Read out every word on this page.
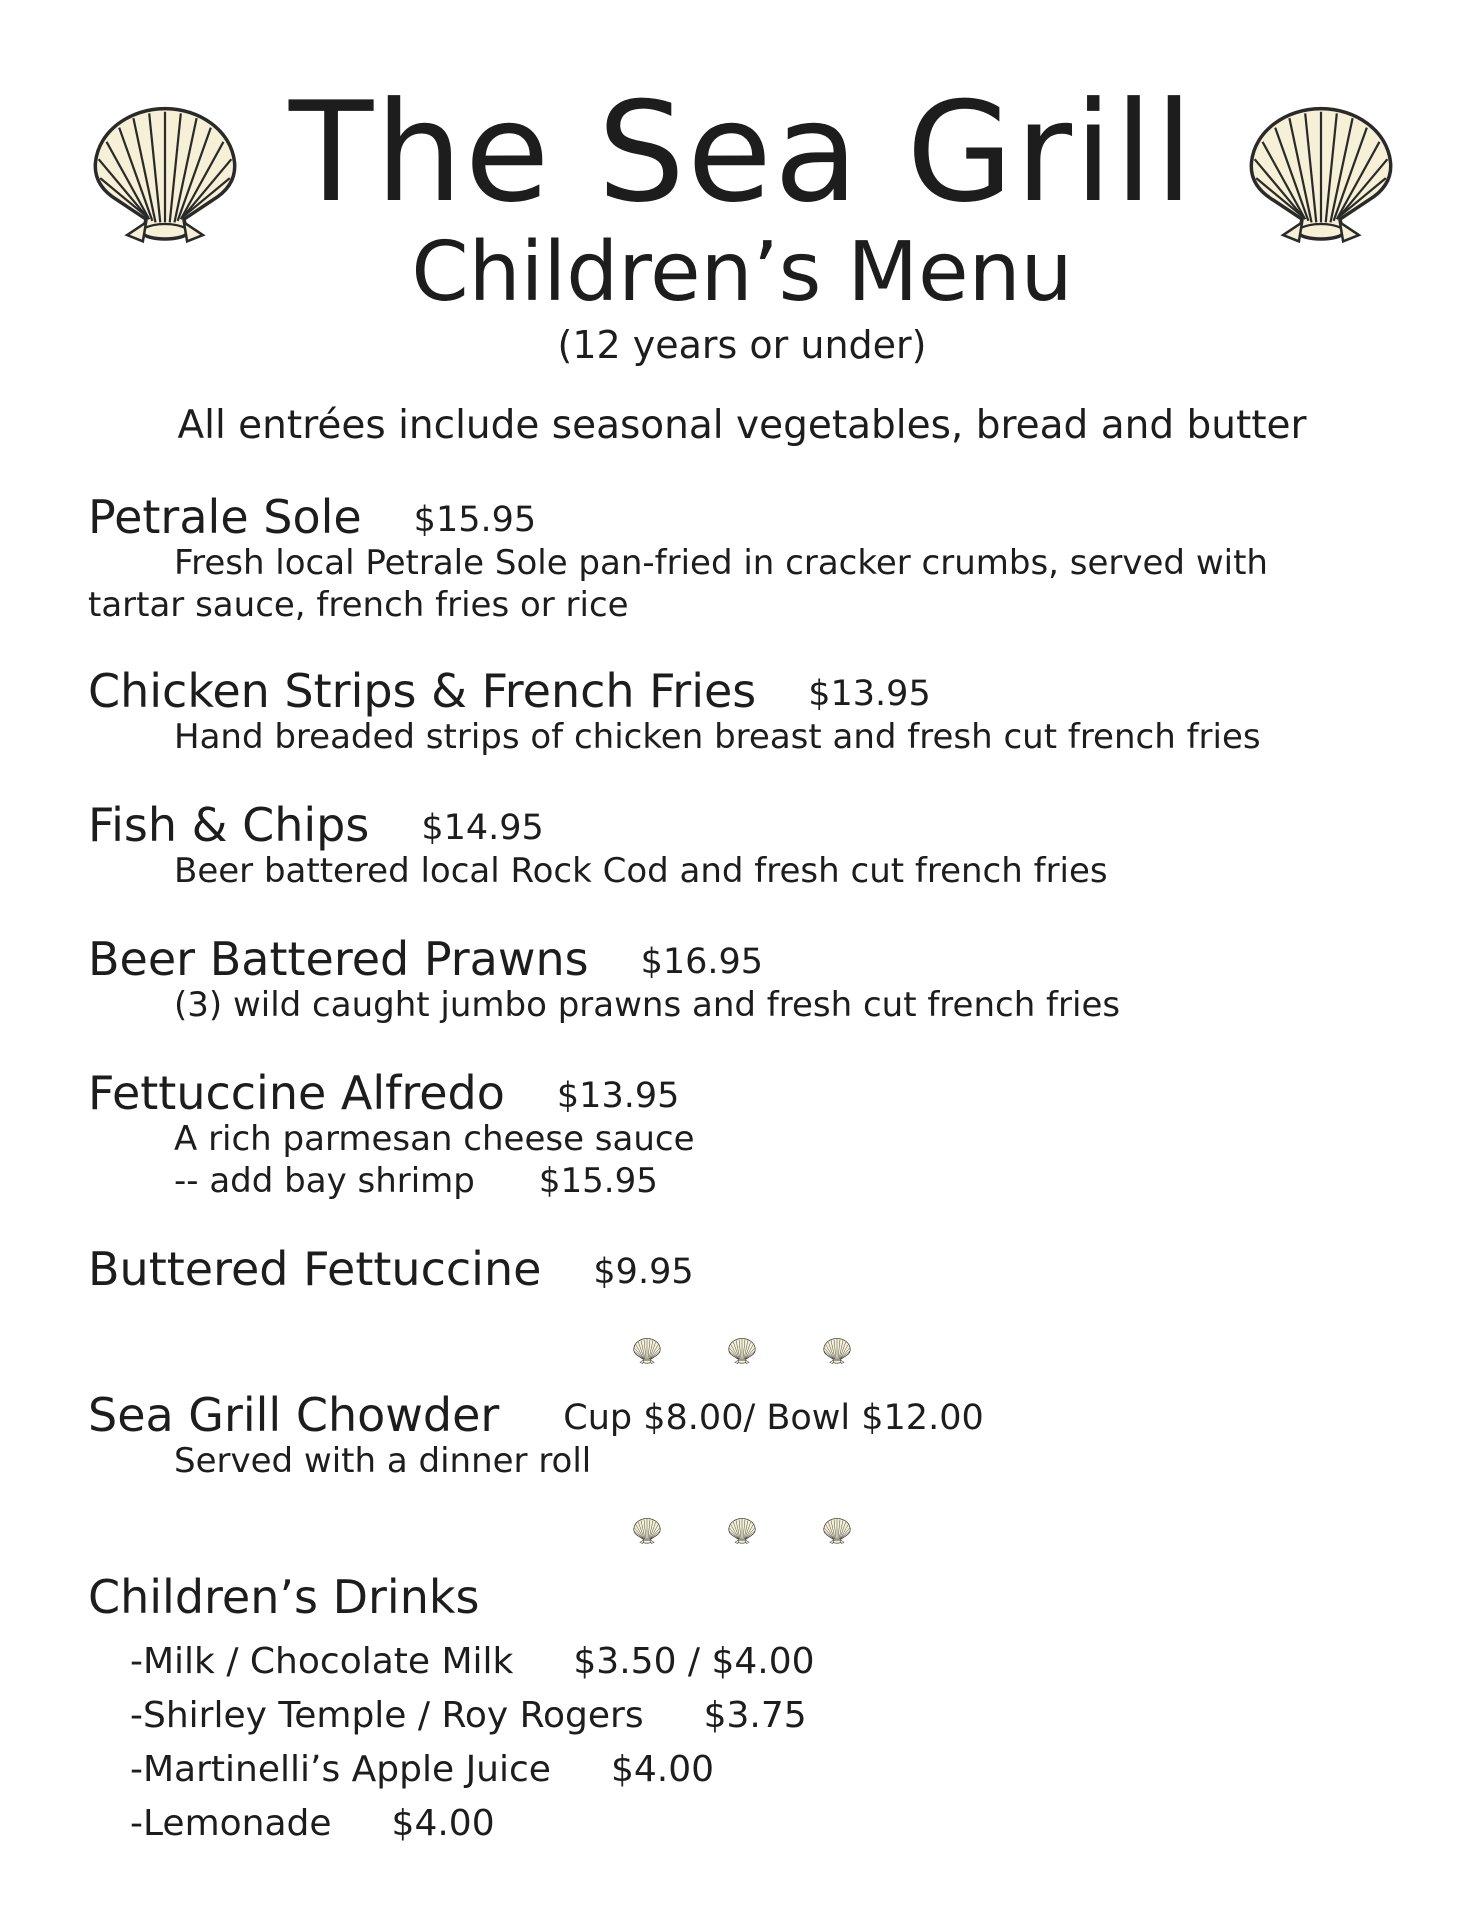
The Sea Grill
Children’s Menu
(12 years or under)
All entrées include seasonal vegetables, bread and butter
Petrale Sole $15.95
Fresh local Petrale Sole pan-fried in cracker crumbs, served with
tartar sauce, french fries or rice
Chicken Strips & French Fries $13.95
Hand breaded strips of chicken breast and fresh cut french fries
Fish & Chips $14.95
Beer battered local Rock Cod and fresh cut french fries
Beer Battered Prawns $16.95
(3) wild caught jumbo prawns and fresh cut french fries
Fettuccine Alfredo $13.95
A rich parmesan cheese sauce
-- add bay shrimp $15.95
Buttered Fettuccine $9.95

Sea Grill Chowder Cup $8.00/ Bowl $12.00
Served with a dinner roll

Children’s Drinks
-Milk / Chocolate Milk $3.50 / $4.00
-Shirley Temple / Roy Rogers $3.75
-Martinelli’s Apple Juice $4.00
-Lemonade $4.00
